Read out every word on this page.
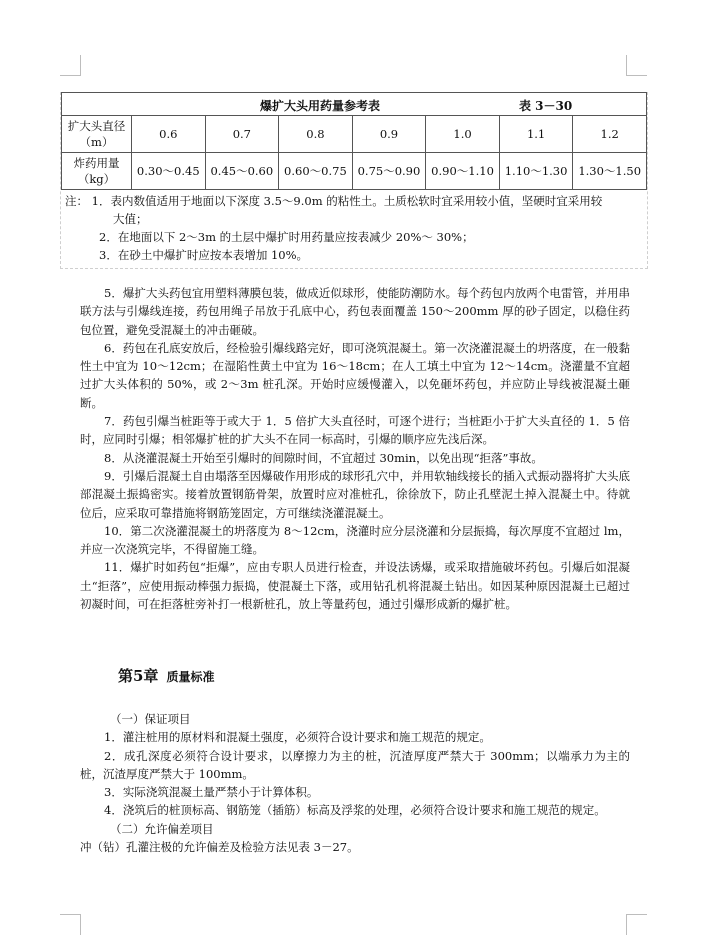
爆扩大头用药量参考表	表 3－30
扩大头直径（m）	0.6	0.7	0.8	0.9	1.0	1.1	1.2
炸药用量（kg）	0.30～0.45	0.45～0.60	0.60～0.75	0.75～0.90	0.90～1.10	1.10～1.30	1.30～1.50
注： 1．表内数值适用于地面以下深度 3.5～9.0m 的粘性土。土质松软时宜采用较小值，坚硬时宜采用较
大值；
2．在地面以下 2～3m 的土层中爆扩时用药量应按表减少 20%～ 30%；
3．在砂土中爆扩时应按本表增加 10%。

5．爆扩大头药包宜用塑料薄膜包装，做成近似球形，使能防潮防水。每个药包内放两个电雷管，并用串联方法与引爆线连接，药包用绳子吊放于孔底中心，药包表面覆盖 150～200mm 厚的砂子固定，以稳住药包位置，避免受混凝土的冲击砸破。

6．药包在孔底安放后，经检验引爆线路完好，即可浇筑混凝土。第一次浇灌混凝土的坍落度，在一般黏性土中宜为 10～12cm；在湿陷性黄土中宜为 16～18cm；在人工填土中宜为 12～14cm。浇灌量不宜超过扩大头体积的 50%，或 2～3m 桩孔深。开始时应缓慢灌入，以免砸坏药包，并应防止导线被混凝土砸断。

7．药包引爆当桩距等于或大于 1．5 倍扩大头直径时，可逐个进行；当桩距小于扩大头直径的 1．5 倍时，应同时引爆；相邻爆扩桩的扩大头不在同一标高时，引爆的顺序应先浅后深。

8．从浇灌混凝土开始至引爆时的间隙时间，不宜超过 30min，以免出现“拒落”事故。

9．引爆后混凝土自由塌落至因爆破作用形成的球形孔穴中，并用软轴线接长的插入式振动器将扩大头底部混凝土振捣密实。接着放置钢筋骨架，放置时应对准桩孔，徐徐放下，防止孔壁泥土掉入混凝土中。待就位后，应采取可靠措施将钢筋笼固定，方可继续浇灌混凝土。

10．第二次浇灌混凝土的坍落度为 8～12cm，浇灌时应分层浇灌和分层振捣，每次厚度不宜超过 lm，并应一次浇筑完毕，不得留施工缝。

11．爆扩时如药包“拒爆”，应由专职人员进行检查，并设法诱爆，或采取措施破坏药包。引爆后如混凝土“拒落”，应使用振动棒强力振捣，使混凝土下落，或用钻孔机将混凝土钻出。如因某种原因混凝土已超过初凝时间，可在拒落桩旁补打一根新桩孔，放上等量药包，通过引爆形成新的爆扩桩。

第5章 质量标准

（一）保证项目

1．灌注桩用的原材料和混凝土强度，必须符合设计要求和施工规范的规定。

2．成孔深度必须符合设计要求，以摩擦力为主的桩，沉渣厚度严禁大于 300mm；以端承力为主的桩，沉渣厚度严禁大于 100mm。

3．实际浇筑混凝土量严禁小于计算体积。

4．浇筑后的桩顶标高、钢筋笼（插筋）标高及浮浆的处理，必须符合设计要求和施工规范的规定。

（二）允许偏差项目

冲（钻）孔灌注极的允许偏差及检验方法见表 3－27。
